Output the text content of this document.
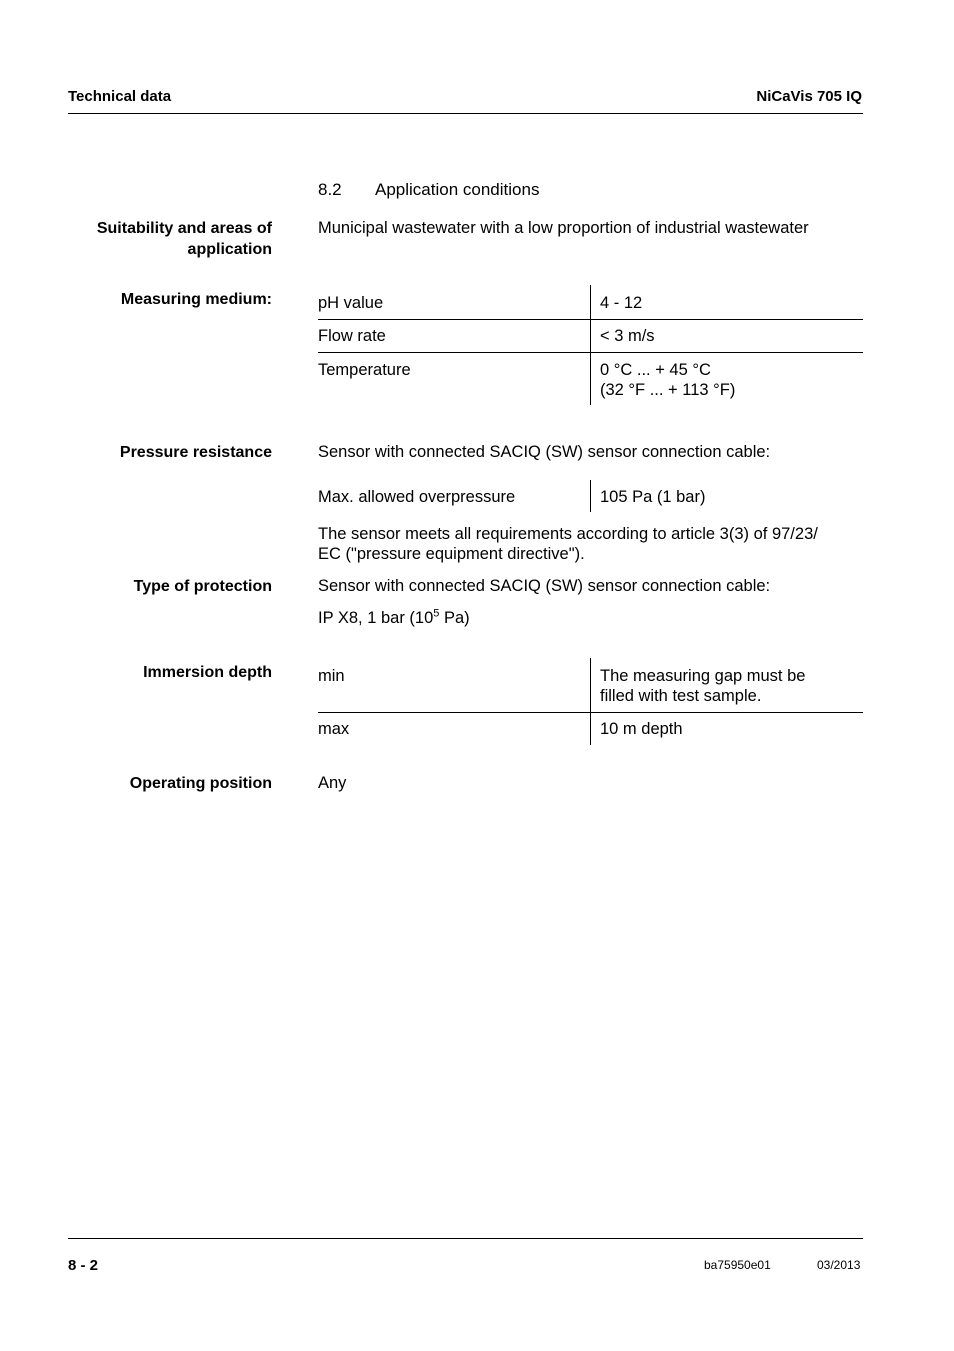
Technical data	NiCaVis 705 IQ
8.2 Application conditions
Suitability and areas of
application
Municipal wastewater with a low proportion of industrial wastewater
Measuring medium:	pH value	4 - 12
Flow rate	< 3 m/s
Temperature	0 °C ... + 45 °C
(32 °F ... + 113 °F)
Pressure resistance	Sensor with connected SACIQ (SW) sensor connection cable:
Max. allowed overpressure	105 Pa (1 bar)
The sensor meets all requirements according to article 3(3) of 97/23/
EC ("pressure equipment directive").
Type of protection	Sensor with connected SACIQ (SW) sensor connection cable:
IP X8, 1 bar ($10^5$ Pa)
Immersion depth	min	The measuring gap must be
filled with test sample.

max	10 m depth
Operating position	Any
8 - 2	ba75950e01	03/2013
